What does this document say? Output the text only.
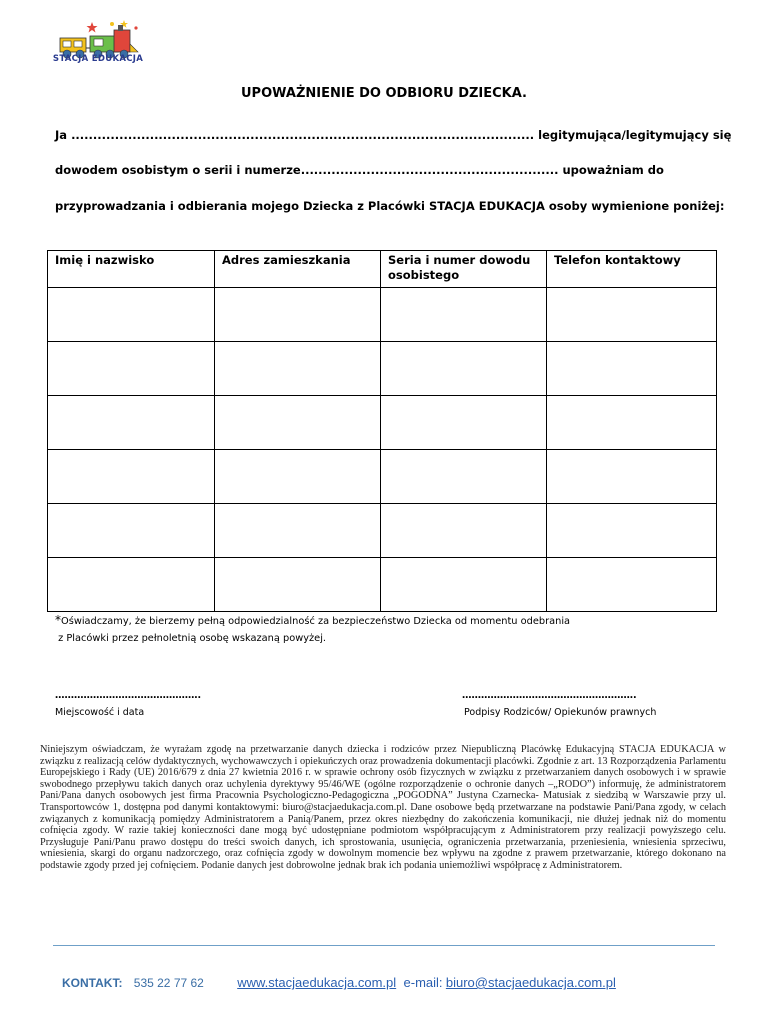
STACJA EDUKACJA
UPOWAŻNIENIE DO ODBIORU DZIECKA.
Ja .......................................................................................................... legitymująca/legitymujący się
dowodem osobistym o serii i numerze........................................................... upoważniam do
przyprowadzania i odbierania mojego Dziecka z Placówki STACJA EDUKACJA osoby wymienione poniżej:
Imię i nazwisko	Adres zamieszkania	Seria i numer dowodu osobistego	Telefon kontaktowy

*Oświadczamy, że bierzemy pełną odpowiedzialność za bezpieczeństwo Dziecka od momentu odebrania
z Placówki przez pełnoletnią osobę wskazaną powyżej.
……………………………………….
Miejscowość i data
……………………………………………….
Podpisy Rodziców/ Opiekunów prawnych
Niniejszym oświadczam, że wyrażam zgodę na przetwarzanie danych dziecka i rodziców przez Niepubliczną Placówkę Edukacyjną STACJA EDUKACJA w związku z realizacją celów dydaktycznych, wychowawczych i opiekuńczych oraz prowadzenia dokumentacji placówki. Zgodnie z art. 13 Rozporządzenia Parlamentu Europejskiego i Rady (UE) 2016/679 z dnia 27 kwietnia 2016 r. w sprawie ochrony osób fizycznych w związku z przetwarzaniem danych osobowych i w sprawie swobodnego przepływu takich danych oraz uchylenia dyrektywy 95/46/WE (ogólne rozporządzenie o ochronie danych –„RODO”) informuję, że administratorem Pani/Pana danych osobowych jest firma Pracownia Psychologiczno-Pedagogiczna „POGODNA” Justyna Czarnecka- Matusiak z siedzibą w Warszawie przy ul. Transportowców 1, dostępna pod danymi kontaktowymi: biuro@stacjaedukacja.com.pl. Dane osobowe będą przetwarzane na podstawie Pani/Pana zgody, w celach związanych z komunikacją pomiędzy Administratorem a Panią/Panem, przez okres niezbędny do zakończenia komunikacji, nie dłużej jednak niż do momentu cofnięcia zgody. W razie takiej konieczności dane mogą być udostępniane podmiotom współpracującym z Administratorem przy realizacji powyższego celu. Przysługuje Pani/Panu prawo dostępu do treści swoich danych, ich sprostowania, usunięcia, ograniczenia przetwarzania, przeniesienia, wniesienia sprzeciwu, wniesienia, skargi do organu nadzorczego, oraz cofnięcia zgody w dowolnym momencie bez wpływu na zgodne z prawem przetwarzanie, którego dokonano na podstawie zgody przed jej cofnięciem. Podanie danych jest dobrowolne jednak brak ich podania uniemożliwi współpracę z Administratorem.
KONTAKT: 535 22 77 62	www.stacjaedukacja.com.pl e-mail: biuro@stacjaedukacja.com.pl
